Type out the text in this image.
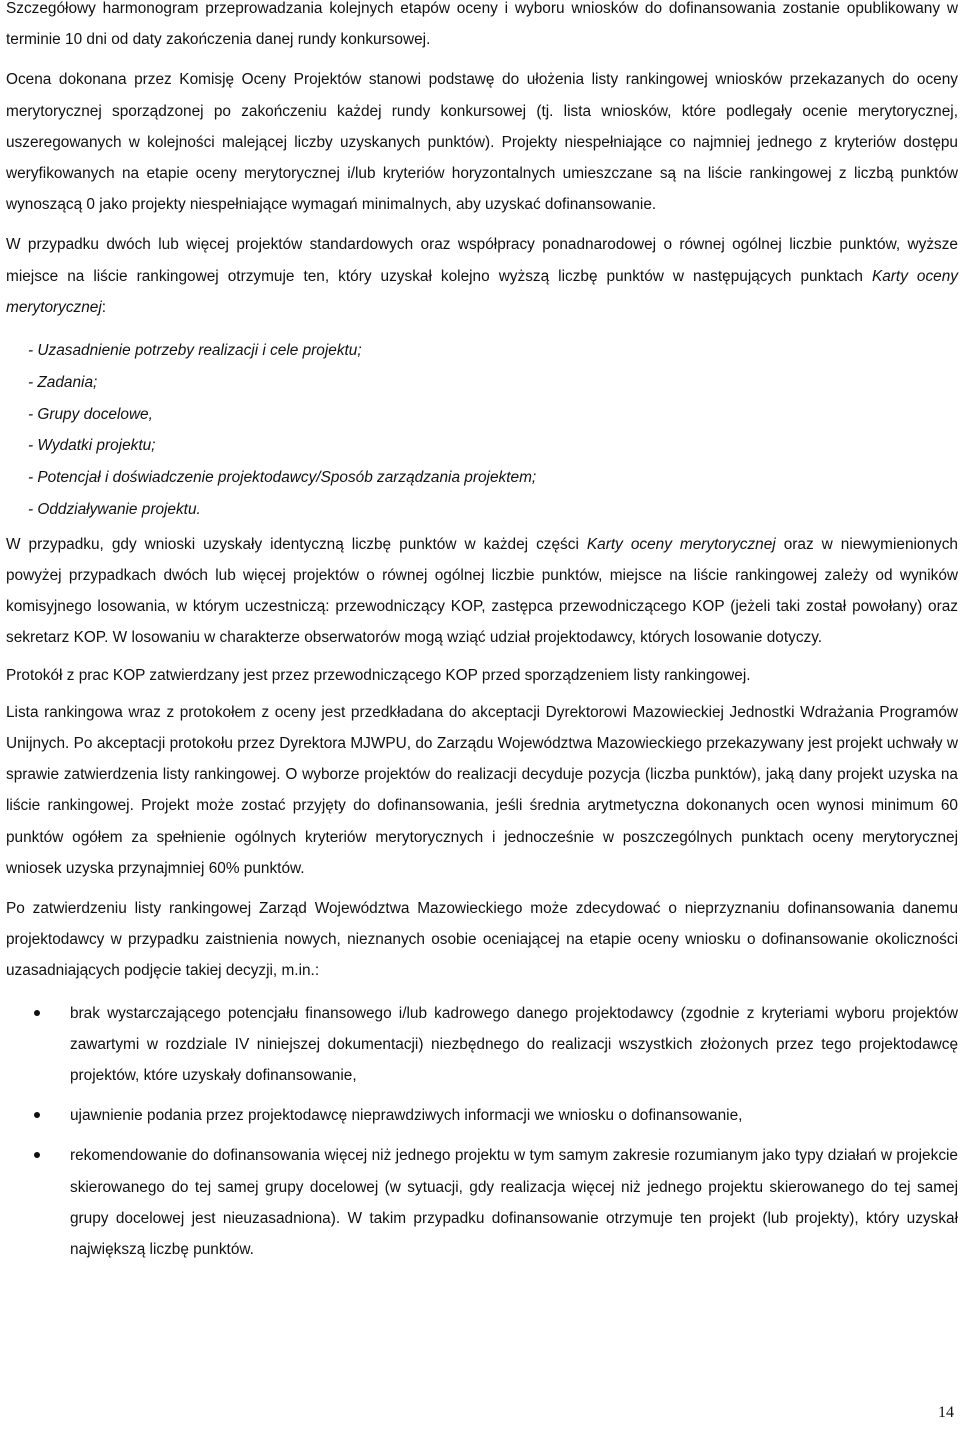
Szczegółowy harmonogram przeprowadzania kolejnych etapów oceny i wyboru wniosków do dofinansowania zostanie opublikowany w terminie 10 dni od daty zakończenia danej rundy konkursowej.

Ocena dokonana przez Komisję Oceny Projektów stanowi podstawę do ułożenia listy rankingowej wniosków przekazanych do oceny merytorycznej sporządzonej po zakończeniu każdej rundy konkursowej (tj. lista wniosków, które podlegały ocenie merytorycznej, uszeregowanych w kolejności malejącej liczby uzyskanych punktów). Projekty niespełniające co najmniej jednego z kryteriów dostępu weryfikowanych na etapie oceny merytorycznej i/lub kryteriów horyzontalnych umieszczane są na liście rankingowej z liczbą punktów wynoszącą 0 jako projekty niespełniające wymagań minimalnych, aby uzyskać dofinansowanie.

W przypadku dwóch lub więcej projektów standardowych oraz współpracy ponadnarodowej o równej ogólnej liczbie punktów, wyższe miejsce na liście rankingowej otrzymuje ten, który uzyskał kolejno wyższą liczbę punktów w następujących punktach Karty oceny merytorycznej:

- Uzasadnienie potrzeby realizacji i cele projektu;
- Zadania;
- Grupy docelowe,
- Wydatki projektu;
- Potencjał i doświadczenie projektodawcy/Sposób zarządzania projektem;
- Oddziaływanie projektu.

W przypadku, gdy wnioski uzyskały identyczną liczbę punktów w każdej części Karty oceny merytorycznej oraz w niewymienionych powyżej przypadkach dwóch lub więcej projektów o równej ogólnej liczbie punktów, miejsce na liście rankingowej zależy od wyników komisyjnego losowania, w którym uczestniczą: przewodniczący KOP, zastępca przewodniczącego KOP (jeżeli taki został powołany) oraz sekretarz KOP. W losowaniu w charakterze obserwatorów mogą wziąć udział projektodawcy, których losowanie dotyczy.

Protokół z prac KOP zatwierdzany jest przez przewodniczącego KOP przed sporządzeniem listy rankingowej.

Lista rankingowa wraz z protokołem z oceny jest przedkładana do akceptacji Dyrektorowi Mazowieckiej Jednostki Wdrażania Programów Unijnych. Po akceptacji protokołu przez Dyrektora MJWPU, do Zarządu Województwa Mazowieckiego przekazywany jest projekt uchwały w sprawie zatwierdzenia listy rankingowej. O wyborze projektów do realizacji decyduje pozycja (liczba punktów), jaką dany projekt uzyska na liście rankingowej. Projekt może zostać przyjęty do dofinansowania, jeśli średnia arytmetyczna dokonanych ocen wynosi minimum 60 punktów ogółem za spełnienie ogólnych kryteriów merytorycznych i jednocześnie w poszczególnych punktach oceny merytorycznej wniosek uzyska przynajmniej 60% punktów.

Po zatwierdzeniu listy rankingowej Zarząd Województwa Mazowieckiego może zdecydować o nieprzyznaniu dofinansowania danemu projektodawcy w przypadku zaistnienia nowych, nieznanych osobie oceniającej na etapie oceny wniosku o dofinansowanie okoliczności uzasadniających podjęcie takiej decyzji, m.in.:

brak wystarczającego potencjału finansowego i/lub kadrowego danego projektodawcy (zgodnie z kryteriami wyboru projektów zawartymi w rozdziale IV niniejszej dokumentacji) niezbędnego do realizacji wszystkich złożonych przez tego projektodawcę projektów, które uzyskały dofinansowanie,
ujawnienie podania przez projektodawcę nieprawdziwych informacji we wniosku o dofinansowanie,
rekomendowanie do dofinansowania więcej niż jednego projektu w tym samym zakresie rozumianym jako typy działań w projekcie skierowanego do tej samej grupy docelowej (w sytuacji, gdy realizacja więcej niż jednego projektu skierowanego do tej samej grupy docelowej jest nieuzasadniona). W takim przypadku dofinansowanie otrzymuje ten projekt (lub projekty), który uzyskał największą liczbę punktów.
14
